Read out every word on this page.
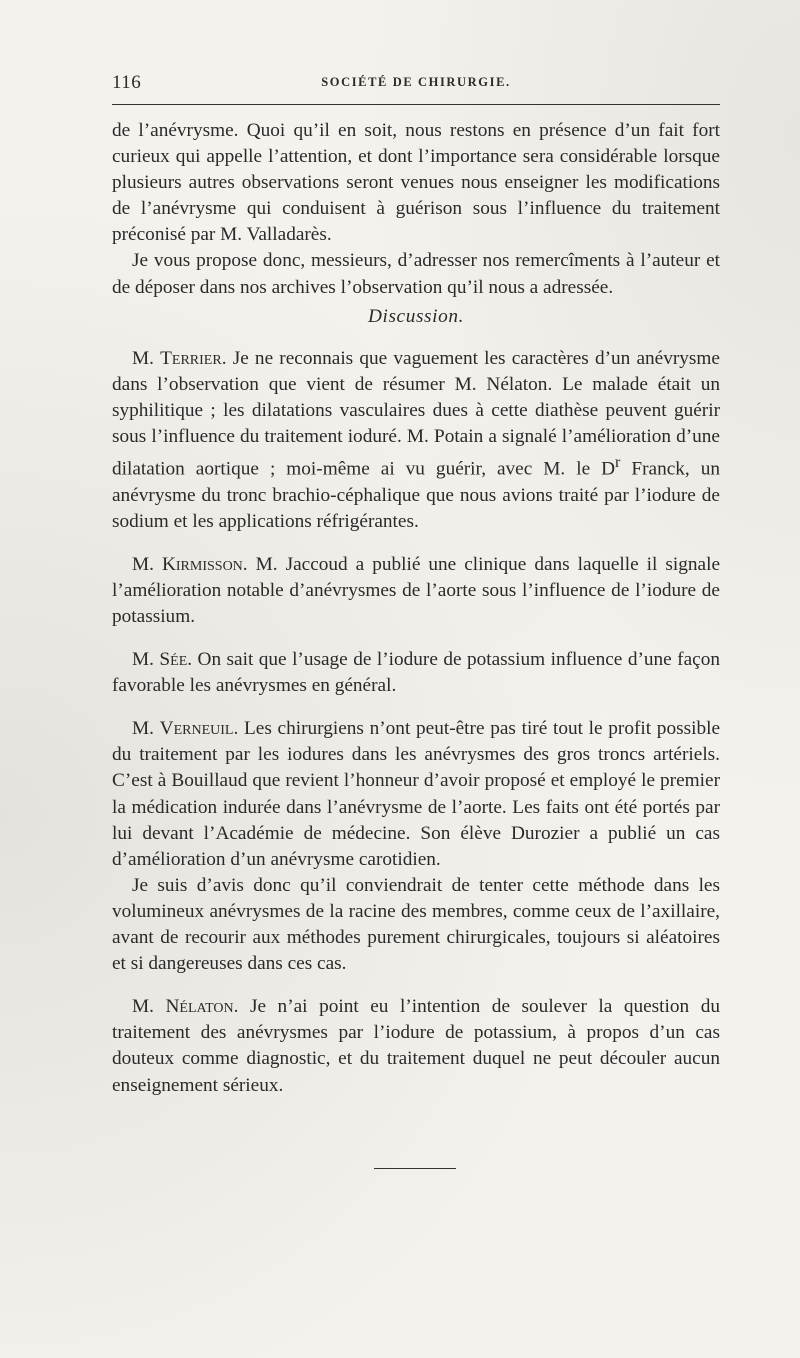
116	SOCIÉTÉ DE CHIRURGIE.

de l’anévrysme. Quoi qu’il en soit, nous restons en présence d’un fait fort curieux qui appelle l’attention, et dont l’importance sera considérable lorsque plusieurs autres observations seront venues nous enseigner les modifications de l’anévrysme qui conduisent à guérison sous l’influence du traitement préconisé par M. Valladarès.

Je vous propose donc, messieurs, d’adresser nos remercîments à l’auteur et de déposer dans nos archives l’observation qu’il nous a adressée.

Discussion.

M. Terrier. Je ne reconnais que vaguement les caractères d’un anévrysme dans l’observation que vient de résumer M. Nélaton. Le malade était un syphilitique ; les dilatations vasculaires dues à cette diathèse peuvent guérir sous l’influence du traitement ioduré. M. Potain a signalé l’amélioration d’une dilatation aortique ; moi-même ai vu guérir, avec M. le $D^r$ Franck, un anévrysme du tronc brachio-céphalique que nous avions traité par l’iodure de sodium et les applications réfrigérantes.

M. Kirmisson. M. Jaccoud a publié une clinique dans laquelle il signale l’amélioration notable d’anévrysmes de l’aorte sous l’influence de l’iodure de potassium.

M. Sée. On sait que l’usage de l’iodure de potassium influence d’une façon favorable les anévrysmes en général.

M. Verneuil. Les chirurgiens n’ont peut-être pas tiré tout le profit possible du traitement par les iodures dans les anévrysmes des gros troncs artériels. C’est à Bouillaud que revient l’honneur d’avoir proposé et employé le premier la médication indurée dans l’anévrysme de l’aorte. Les faits ont été portés par lui devant l’Académie de médecine. Son élève Durozier a publié un cas d’amélioration d’un anévrysme carotidien.

Je suis d’avis donc qu’il conviendrait de tenter cette méthode dans les volumineux anévrysmes de la racine des membres, comme ceux de l’axillaire, avant de recourir aux méthodes purement chirurgicales, toujours si aléatoires et si dangereuses dans ces cas.

M. Nélaton. Je n’ai point eu l’intention de soulever la question du traitement des anévrysmes par l’iodure de potassium, à propos d’un cas douteux comme diagnostic, et du traitement duquel ne peut découler aucun enseignement sérieux.
